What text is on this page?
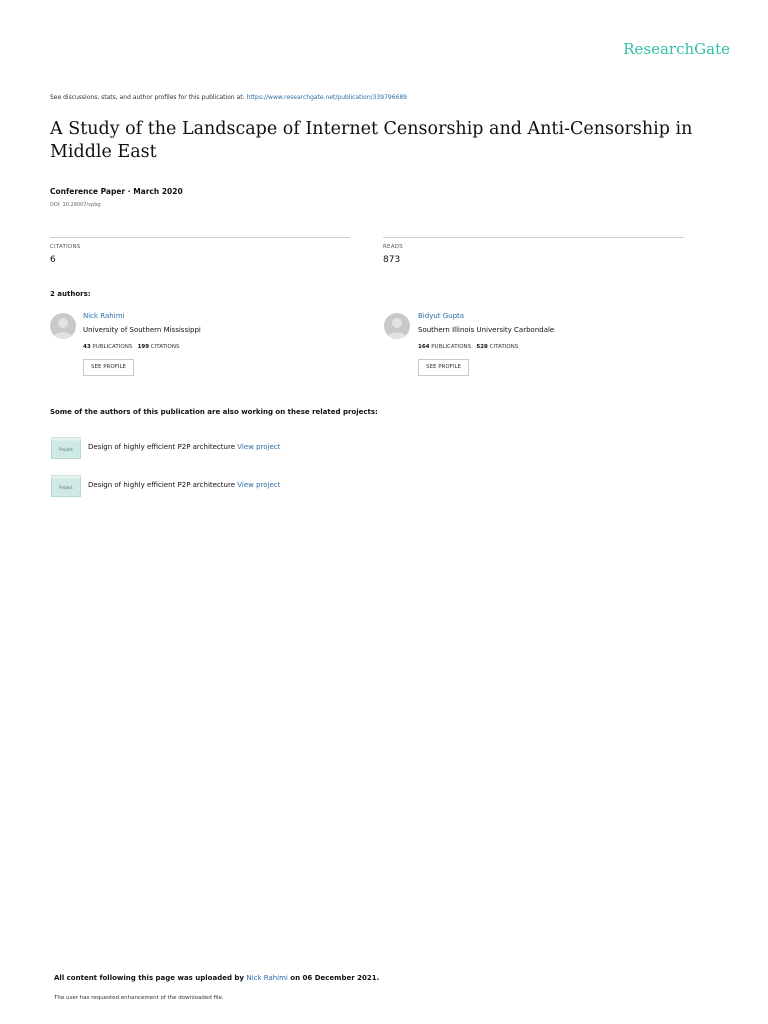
ResearchGate
See discussions, stats, and author profiles for this publication at: https://www.researchgate.net/publication/339796689
A Study of the Landscape of Internet Censorship and Anti-Censorship in Middle East
Conference Paper · March 2020
DOI: 10.29007/vpbg
CITATIONS
6
READS
873
2 authors:
Nick Rahimi
University of Southern Mississippi
43 PUBLICATIONS 199 CITATIONS
SEE PROFILE
Bidyut Gupta
Southern Illinois University Carbondale
164 PUBLICATIONS 528 CITATIONS
SEE PROFILE
Some of the authors of this publication are also working on these related projects:
Project Design of highly efficient P2P architecture View project
Project Design of highly efficient P2P architecture View project
All content following this page was uploaded by Nick Rahimi on 06 December 2021.
The user has requested enhancement of the downloaded file.
